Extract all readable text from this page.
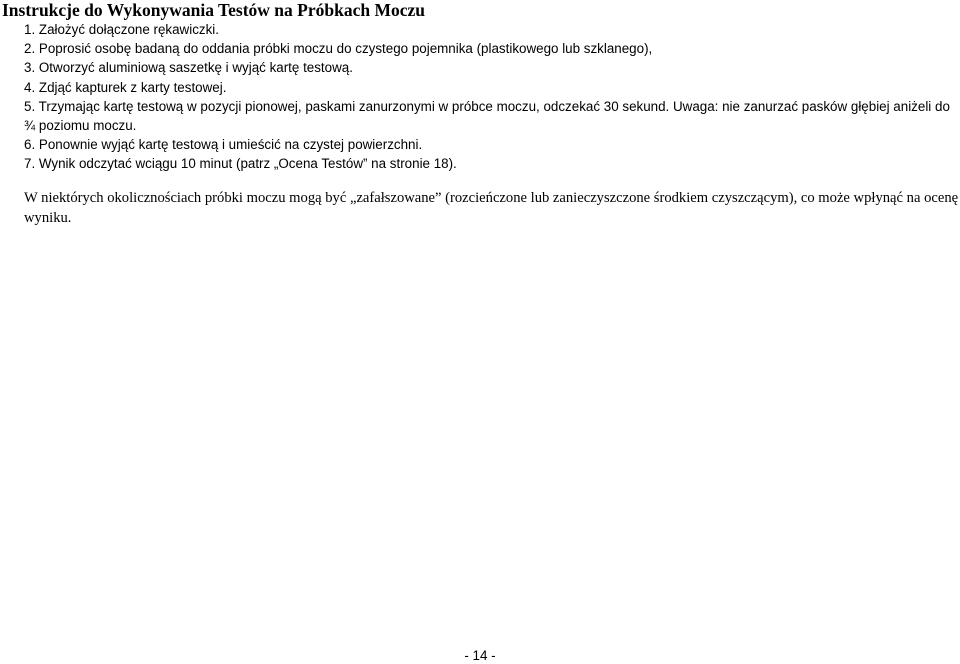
Instrukcje do Wykonywania Testów na Próbkach Moczu
1. Założyć dołączone rękawiczki.
2. Poprosić osobę badaną do oddania próbki moczu do czystego pojemnika (plastikowego lub szklanego),
3. Otworzyć aluminiową saszetkę i wyjąć kartę testową.
4. Zdjąć kapturek z karty testowej.
5. Trzymając kartę testową w pozycji pionowej, paskami zanurzonymi w próbce moczu, odczekać 30 sekund. Uwaga: nie zanurzać pasków głębiej aniżeli do ¾ poziomu moczu.
6. Ponownie wyjąć kartę testową i umieścić na czystej powierzchni.
7. Wynik odczytać wciągu 10 minut (patrz „Ocena Testów” na stronie 18).

W niektórych okolicznościach próbki moczu mogą być „zafałszowane” (rozcieńczone lub zanieczyszczone środkiem czyszczącym), co może wpłynąć na ocenę wyniku.

- 14 -
